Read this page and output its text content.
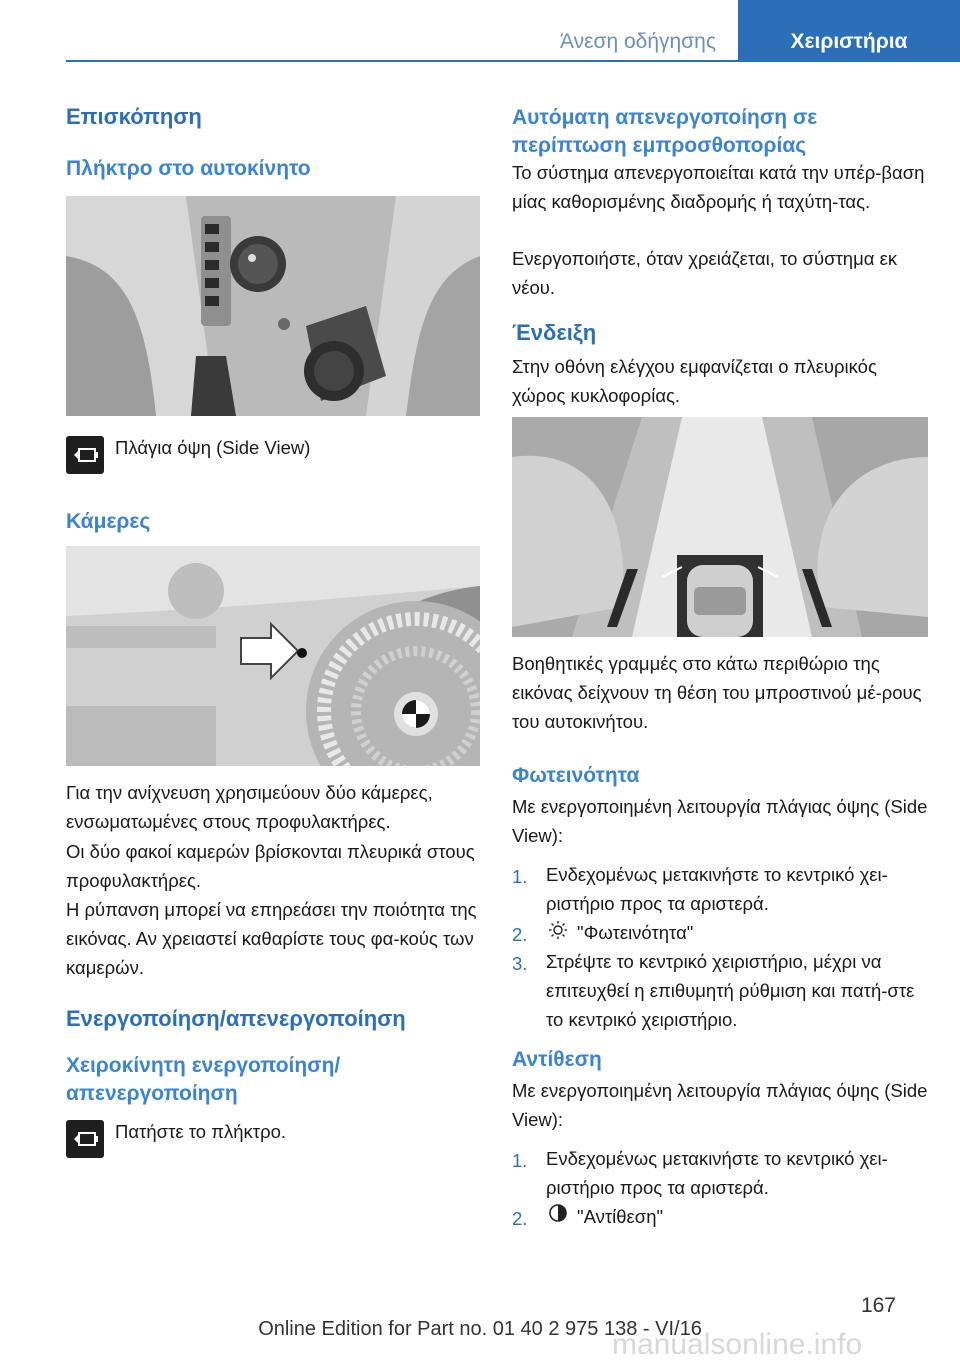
Άνεση οδήγησης	Χειριστήρια
Επισκόπηση
Πλήκτρο στο αυτοκίνητο

Πλάγια όψη (Side View)

Κάμερες

Για την ανίχνευση χρησιμεύουν δύο κάμερες, ενσωματωμένες στους προφυλακτήρες.

Οι δύο φακοί καμερών βρίσκονται πλευρικά στους προφυλακτήρες.

Η ρύπανση μπορεί να επηρεάσει την ποιότητα της εικόνας. Αν χρειαστεί καθαρίστε τους φα-κούς των καμερών.

Ενεργοποίηση/απενεργοποίηση
Χειροκίνητη ενεργοποίηση/ απενεργοποίηση

Πατήστε το πλήκτρο.

Αυτόματη απενεργοποίηση σε περίπτωση εμπροσθοπορίας

Το σύστημα απενεργοποιείται κατά την υπέρ-βαση μίας καθορισμένης διαδρομής ή ταχύτη-τας.

Ενεργοποιήστε, όταν χρειάζεται, το σύστημα εκ νέου.

Ένδειξη

Στην οθόνη ελέγχου εμφανίζεται ο πλευρικός χώρος κυκλοφορίας.

Βοηθητικές γραμμές στο κάτω περιθώριο της εικόνας δείχνουν τη θέση του μπροστινού μέ-ρους του αυτοκινήτου.

Φωτεινότητα

Με ενεργοποιημένη λειτουργία πλάγιας όψης (Side View):

1. Ενδεχομένως μετακινήστε το κεντρικό χει-ριστήριο προς τα αριστερά.

2.	"Φωτεινότητα"

3. Στρέψτε το κεντρικό χειριστήριο, μέχρι να επιτευχθεί η επιθυμητή ρύθμιση και πατή-στε το κεντρικό χειριστήριο.

Αντίθεση

Με ενεργοποιημένη λειτουργία πλάγιας όψης (Side View):

1. Ενδεχομένως μετακινήστε το κεντρικό χει-ριστήριο προς τα αριστερά.

2.	"Αντίθεση"

167
Online Edition for Part no. 01 40 2 975 138 - VI/16
manualsonline.info
